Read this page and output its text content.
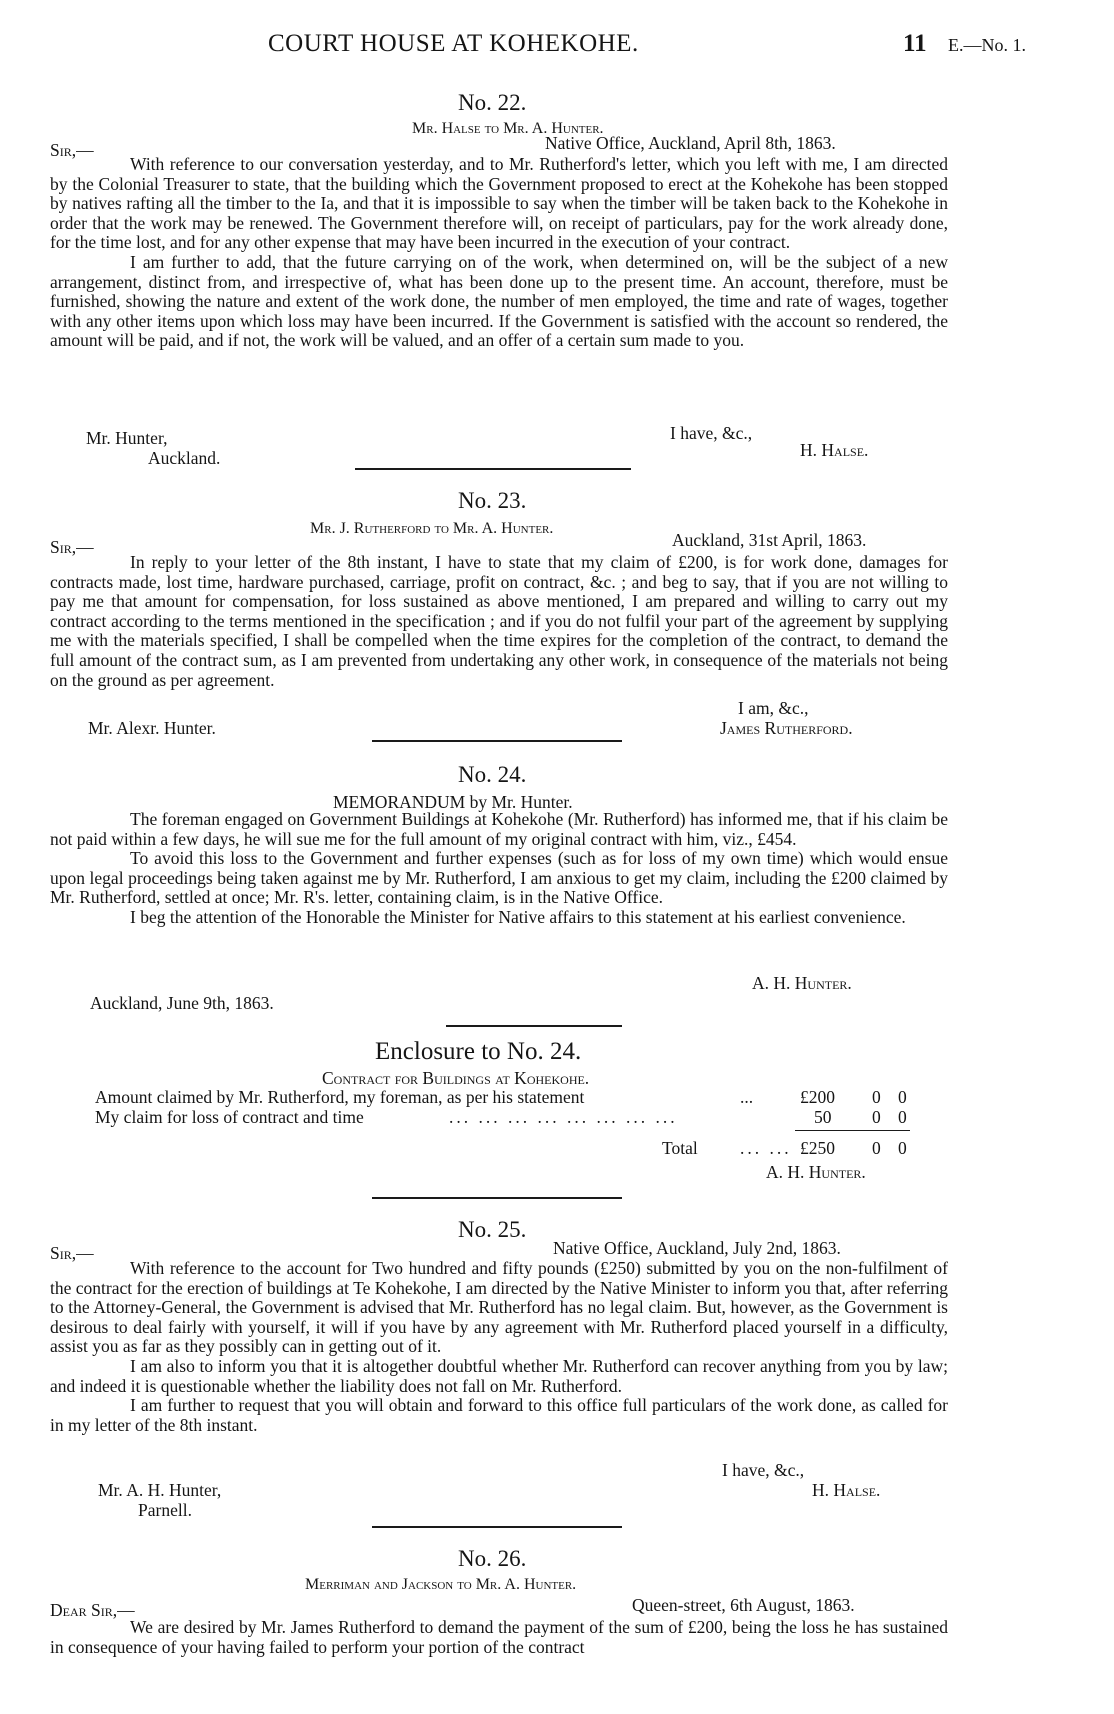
COURT HOUSE AT KOHEKOHE.	11 E.—No. 1.
No. 22.
Mr. Halse to Mr. A. Hunter.
Native Office, Auckland, April 8th, 1863.
Sir,—

With reference to our conversation yesterday, and to Mr. Rutherford's letter, which you left with me, I am directed by the Colonial Treasurer to state, that the building which the Government proposed to erect at the Kohekohe has been stopped by natives rafting all the timber to the Ia, and that it is impossible to say when the timber will be taken back to the Kohekohe in order that the work may be renewed. The Government therefore will, on receipt of particulars, pay for the work already done, for the time lost, and for any other expense that may have been incurred in the execution of your contract.

I am further to add, that the future carrying on of the work, when determined on, will be the subject of a new arrangement, distinct from, and irrespective of, what has been done up to the present time. An account, therefore, must be furnished, showing the nature and extent of the work done, the number of men employed, the time and rate of wages, together with any other items upon which loss may have been incurred. If the Government is satisfied with the account so rendered, the amount will be paid, and if not, the work will be valued, and an offer of a certain sum made to you.

I have, &c.,
Mr. Hunter,
Auckland.	H. Halse.
No. 23.
Mr. J. Rutherford to Mr. A. Hunter.
Auckland, 31st April, 1863.
Sir,—

In reply to your letter of the 8th instant, I have to state that my claim of £200, is for work done, damages for contracts made, lost time, hardware purchased, carriage, profit on contract, &c. ; and beg to say, that if you are not willing to pay me that amount for compensation, for loss sustained as above mentioned, I am prepared and willing to carry out my contract according to the terms mentioned in the specification ; and if you do not fulfil your part of the agreement by supplying me with the materials specified, I shall be compelled when the time expires for the completion of the contract, to demand the full amount of the contract sum, as I am prevented from undertaking any other work, in consequence of the materials not being on the ground as per agreement.

I am, &c.,
Mr. Alexr. Hunter.	James Rutherford.
No. 24.
MEMORANDUM by Mr. Hunter.

The foreman engaged on Government Buildings at Kohekohe (Mr. Rutherford) has informed me, that if his claim be not paid within a few days, he will sue me for the full amount of my original contract with him, viz., £454.

To avoid this loss to the Government and further expenses (such as for loss of my own time) which would ensue upon legal proceedings being taken against me by Mr. Rutherford, I am anxious to get my claim, including the £200 claimed by Mr. Rutherford, settled at once; Mr. R's. letter, containing claim, is in the Native Office.

I beg the attention of the Honorable the Minister for Native affairs to this statement at his earliest convenience.

A. H. Hunter.
Auckland, June 9th, 1863.
Enclosure to No. 24.
Contract for Buildings at Kohekohe.
Amount claimed by Mr. Rutherford, my foreman, as per his statement	...	£200 0 0
My claim for loss of contract and time	... ... ... ... ... ... ... ...	50 0 0
Total ... ... £250 0 0
A. H. Hunter.
No. 25.
Native Office, Auckland, July 2nd, 1863.
Sir,—

With reference to the account for Two hundred and fifty pounds (£250) submitted by you on the non-fulfilment of the contract for the erection of buildings at Te Kohekohe, I am directed by the Native Minister to inform you that, after referring to the Attorney-General, the Government is advised that Mr. Rutherford has no legal claim. But, however, as the Government is desirous to deal fairly with yourself, it will if you have by any agreement with Mr. Rutherford placed yourself in a difficulty, assist you as far as they possibly can in getting out of it.

I am also to inform you that it is altogether doubtful whether Mr. Rutherford can recover anything from you by law; and indeed it is questionable whether the liability does not fall on Mr. Rutherford.

I am further to request that you will obtain and forward to this office full particulars of the work done, as called for in my letter of the 8th instant.

I have, &c.,
Mr. A. H. Hunter,	H. Halse.
Parnell.
No. 26.
Merriman and Jackson to Mr. A. Hunter.
Queen-street, 6th August, 1863.
Dear Sir,—

We are desired by Mr. James Rutherford to demand the payment of the sum of £200, being the loss he has sustained in consequence of your having failed to perform your portion of the contract
